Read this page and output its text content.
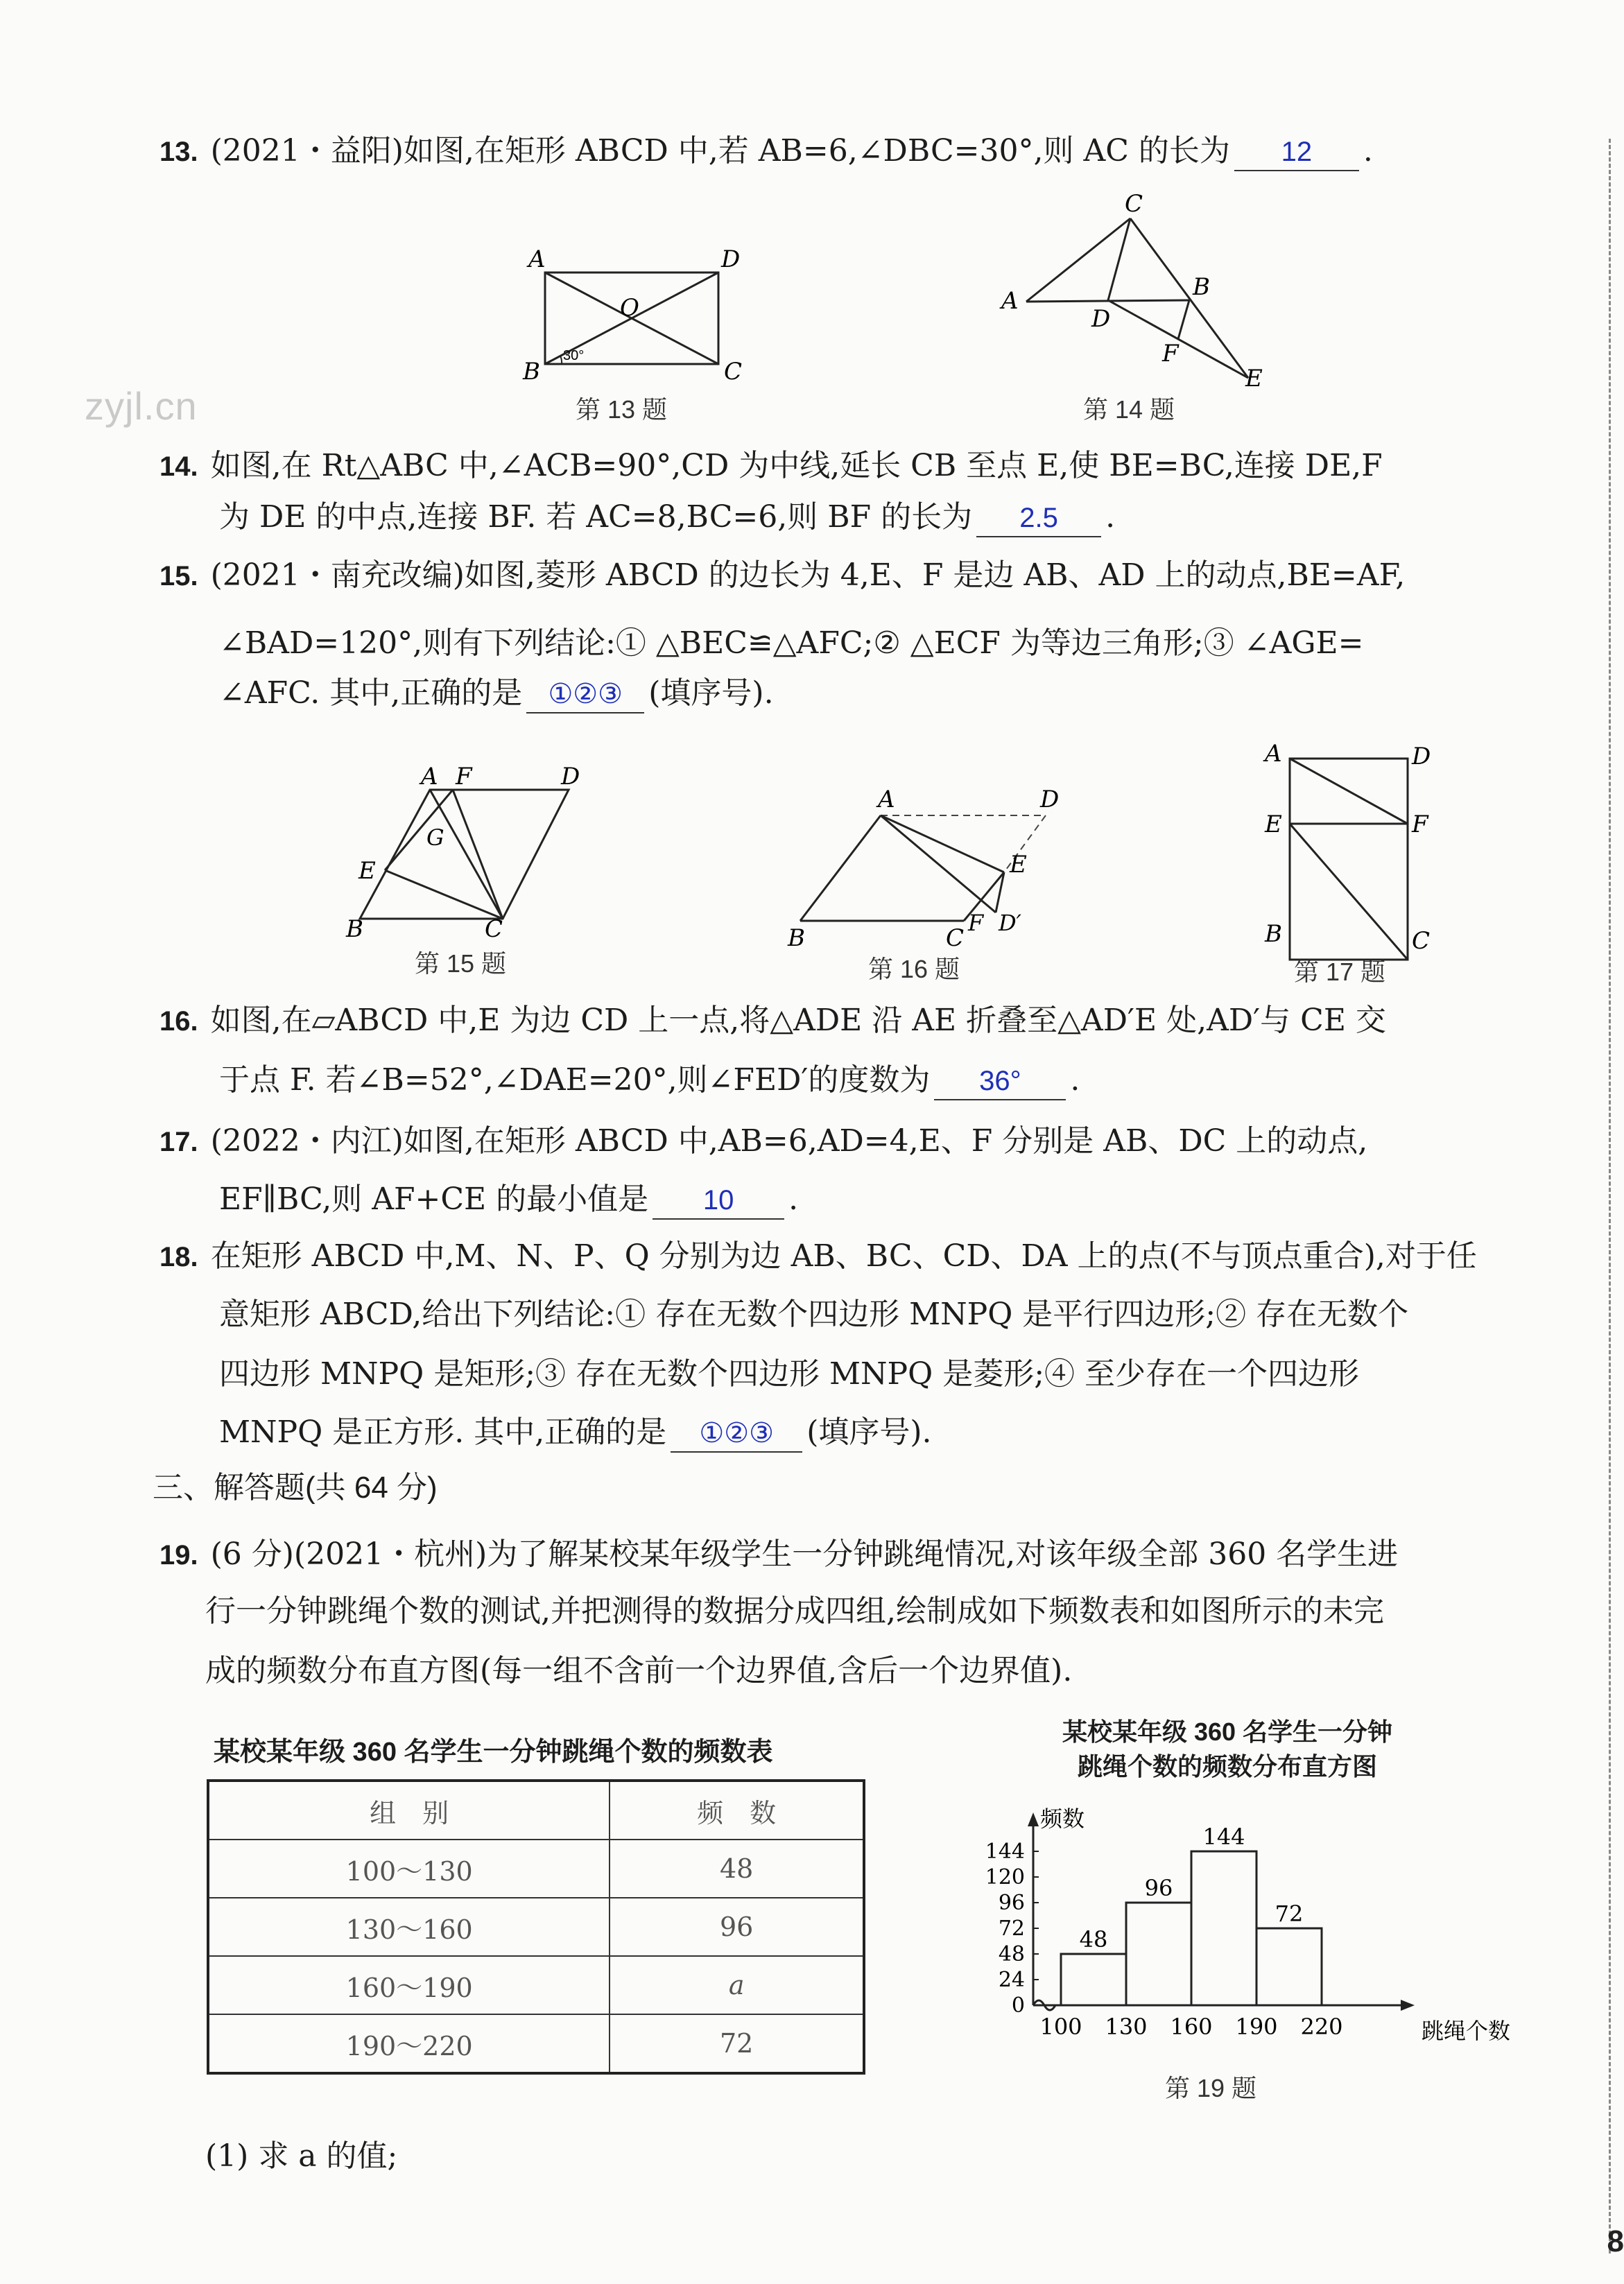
zyjl.cn
13. (2021・益阳)如图,在矩形 ABCD 中,若 AB=6,∠DBC=30°,则 AC 的长为 12 .
A	D
O
B	C
30°
第 13 题
C
A
D
B
F
E
第 14 题
14. 如图,在 Rt△ABC 中,∠ACB=90°,CD 为中线,延长 CB 至点 E,使 BE=BC,连接 DE,F
为 DE 的中点,连接 BF. 若 AC=8,BC=6,则 BF 的长为 2.5 .
15. (2021・南充改编)如图,菱形 ABCD 的边长为 4,E、F 是边 AB、AD 上的动点,BE=AF,
∠BAD=120°,则有下列结论:① △BEC≌△AFC;② △ECF 为等边三角形;③ ∠AGE=
∠AFC. 其中,正确的是 ①②③ (填序号).
A F	D
G
E
B	C
第 15 题
A	D
E
B	C
F D′
第 16 题
A	D
E	F
B	C
第 17 题
16. 如图,在▱ABCD 中,E 为边 CD 上一点,将△ADE 沿 AE 折叠至△AD′E 处,AD′与 CE 交
于点 F. 若∠B=52°,∠DAE=20°,则∠FED′的度数为 36° .
17. (2022・内江)如图,在矩形 ABCD 中,AB=6,AD=4,E、F 分别是 AB、DC 上的动点,
EF∥BC,则 AF+CE 的最小值是 10 .
18. 在矩形 ABCD 中,M、N、P、Q 分别为边 AB、BC、CD、DA 上的点(不与顶点重合),对于任
意矩形 ABCD,给出下列结论:① 存在无数个四边形 MNPQ 是平行四边形;② 存在无数个
四边形 MNPQ 是矩形;③ 存在无数个四边形 MNPQ 是菱形;④ 至少存在一个四边形
MNPQ 是正方形. 其中,正确的是 ①②③ (填序号).
三、解答题(共 64 分)
19. (6 分)(2021・杭州)为了解某校某年级学生一分钟跳绳情况,对该年级全部 360 名学生进
行一分钟跳绳个数的测试,并把测得的数据分成四组,绘制成如下频数表和如图所示的未完
成的频数分布直方图(每一组不含前一个边界值,含后一个边界值).
某校某年级 360 名学生一分钟跳绳个数的频数表
组　别	频　数
100～130	48
130～160	96
160～190	a
190～220	72
某校某年级 360 名学生一分钟
跳绳个数的频数分布直方图
频数
跳绳个数
0
24
48
72
96
120
144
48
96
144
72
100 130 160 190 220
第 19 题
(1) 求 a 的值;
8
